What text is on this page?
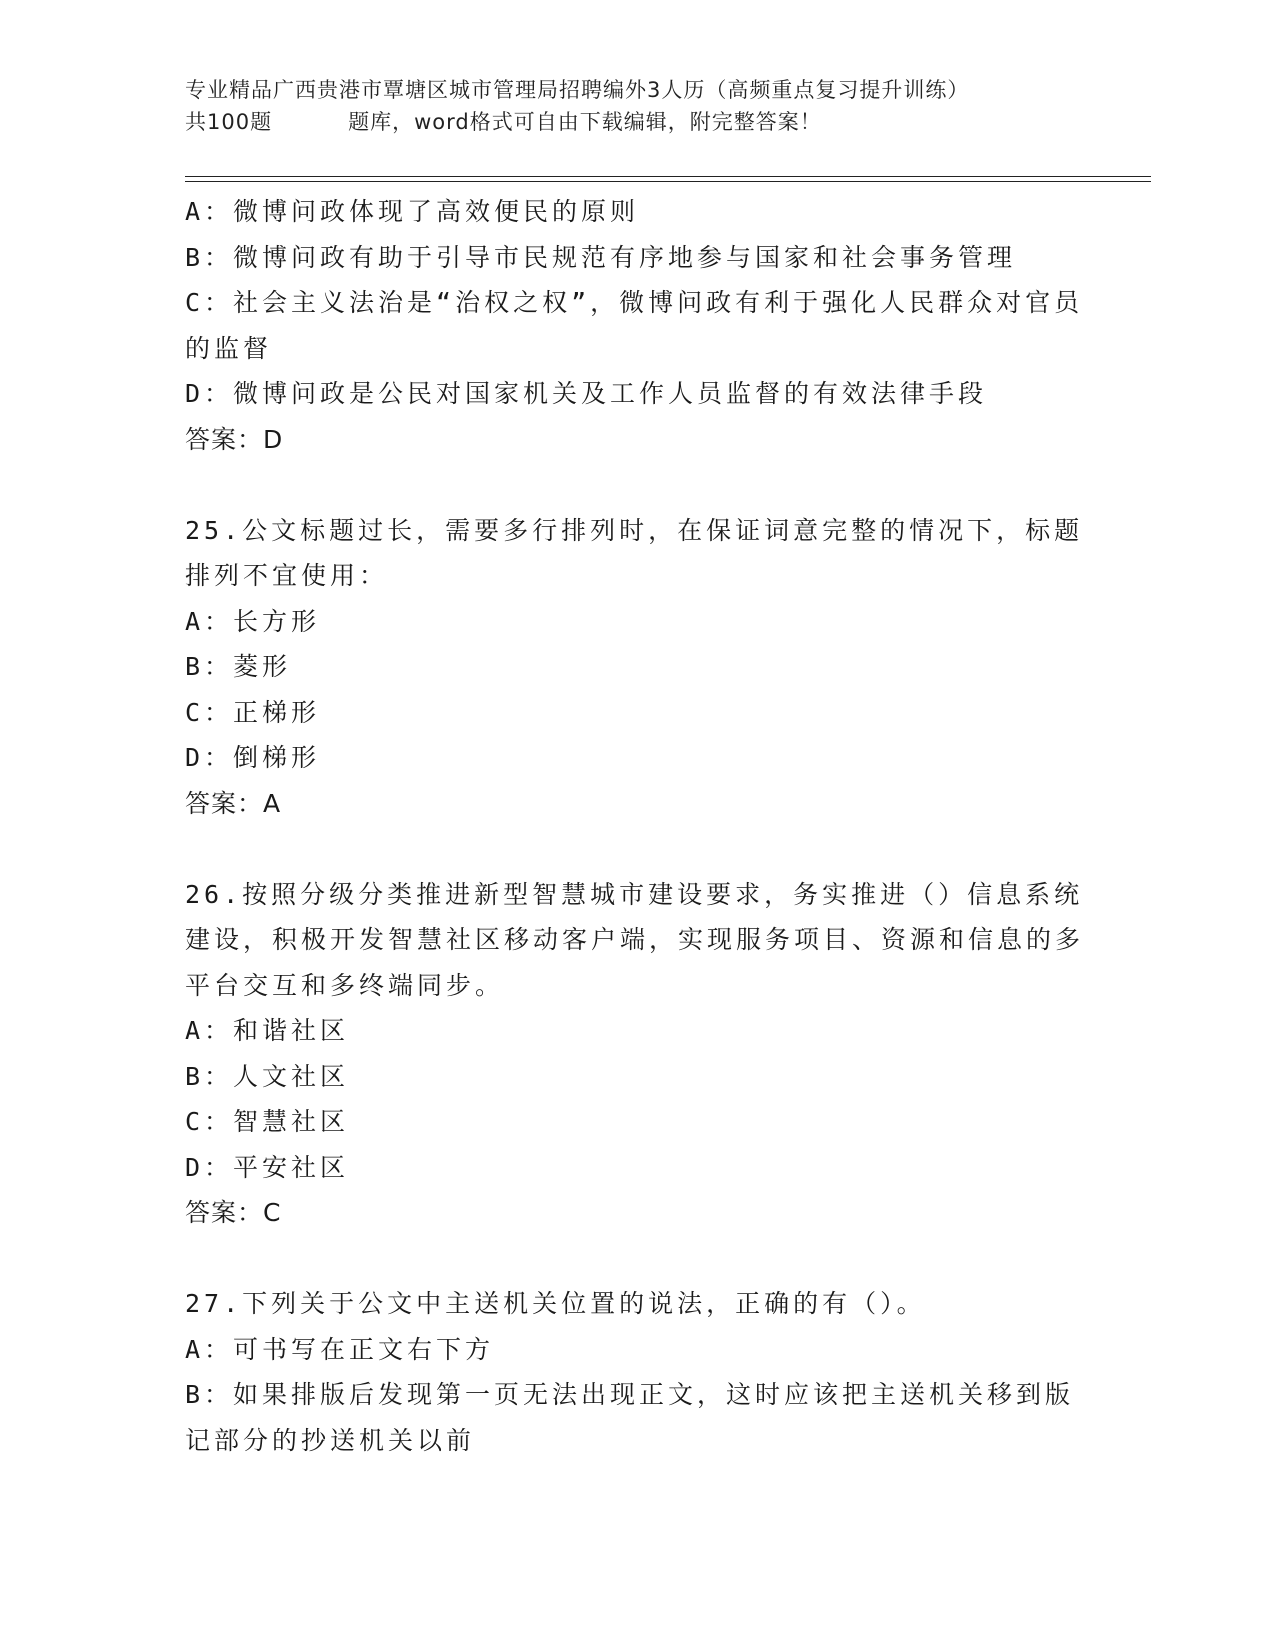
专业精品广西贵港市覃塘区城市管理局招聘编外3人历（高频重点复习提升训练）
共100题	题库，word格式可自由下载编辑，附完整答案！

A：微博问政体现了高效便民的原则

B：微博问政有助于引导市民规范有序地参与国家和社会事务管理

C：社会主义法治是“治权之权”，微博问政有利于强化人民群众对官员的监督

D：微博问政是公民对国家机关及工作人员监督的有效法律手段

答案：D

25.公文标题过长，需要多行排列时，在保证词意完整的情况下，标题排列不宜使用：

A：长方形

B：菱形

C：正梯形

D：倒梯形

答案：A

26.按照分级分类推进新型智慧城市建设要求，务实推进（）信息系统建设，积极开发智慧社区移动客户端，实现服务项目、资源和信息的多平台交互和多终端同步。

A：和谐社区

B：人文社区

C：智慧社区

D：平安社区

答案：C

27.下列关于公文中主送机关位置的说法，正确的有（）。

A：可书写在正文右下方

B：如果排版后发现第一页无法出现正文，这时应该把主送机关移到版记部分的抄送机关以前
